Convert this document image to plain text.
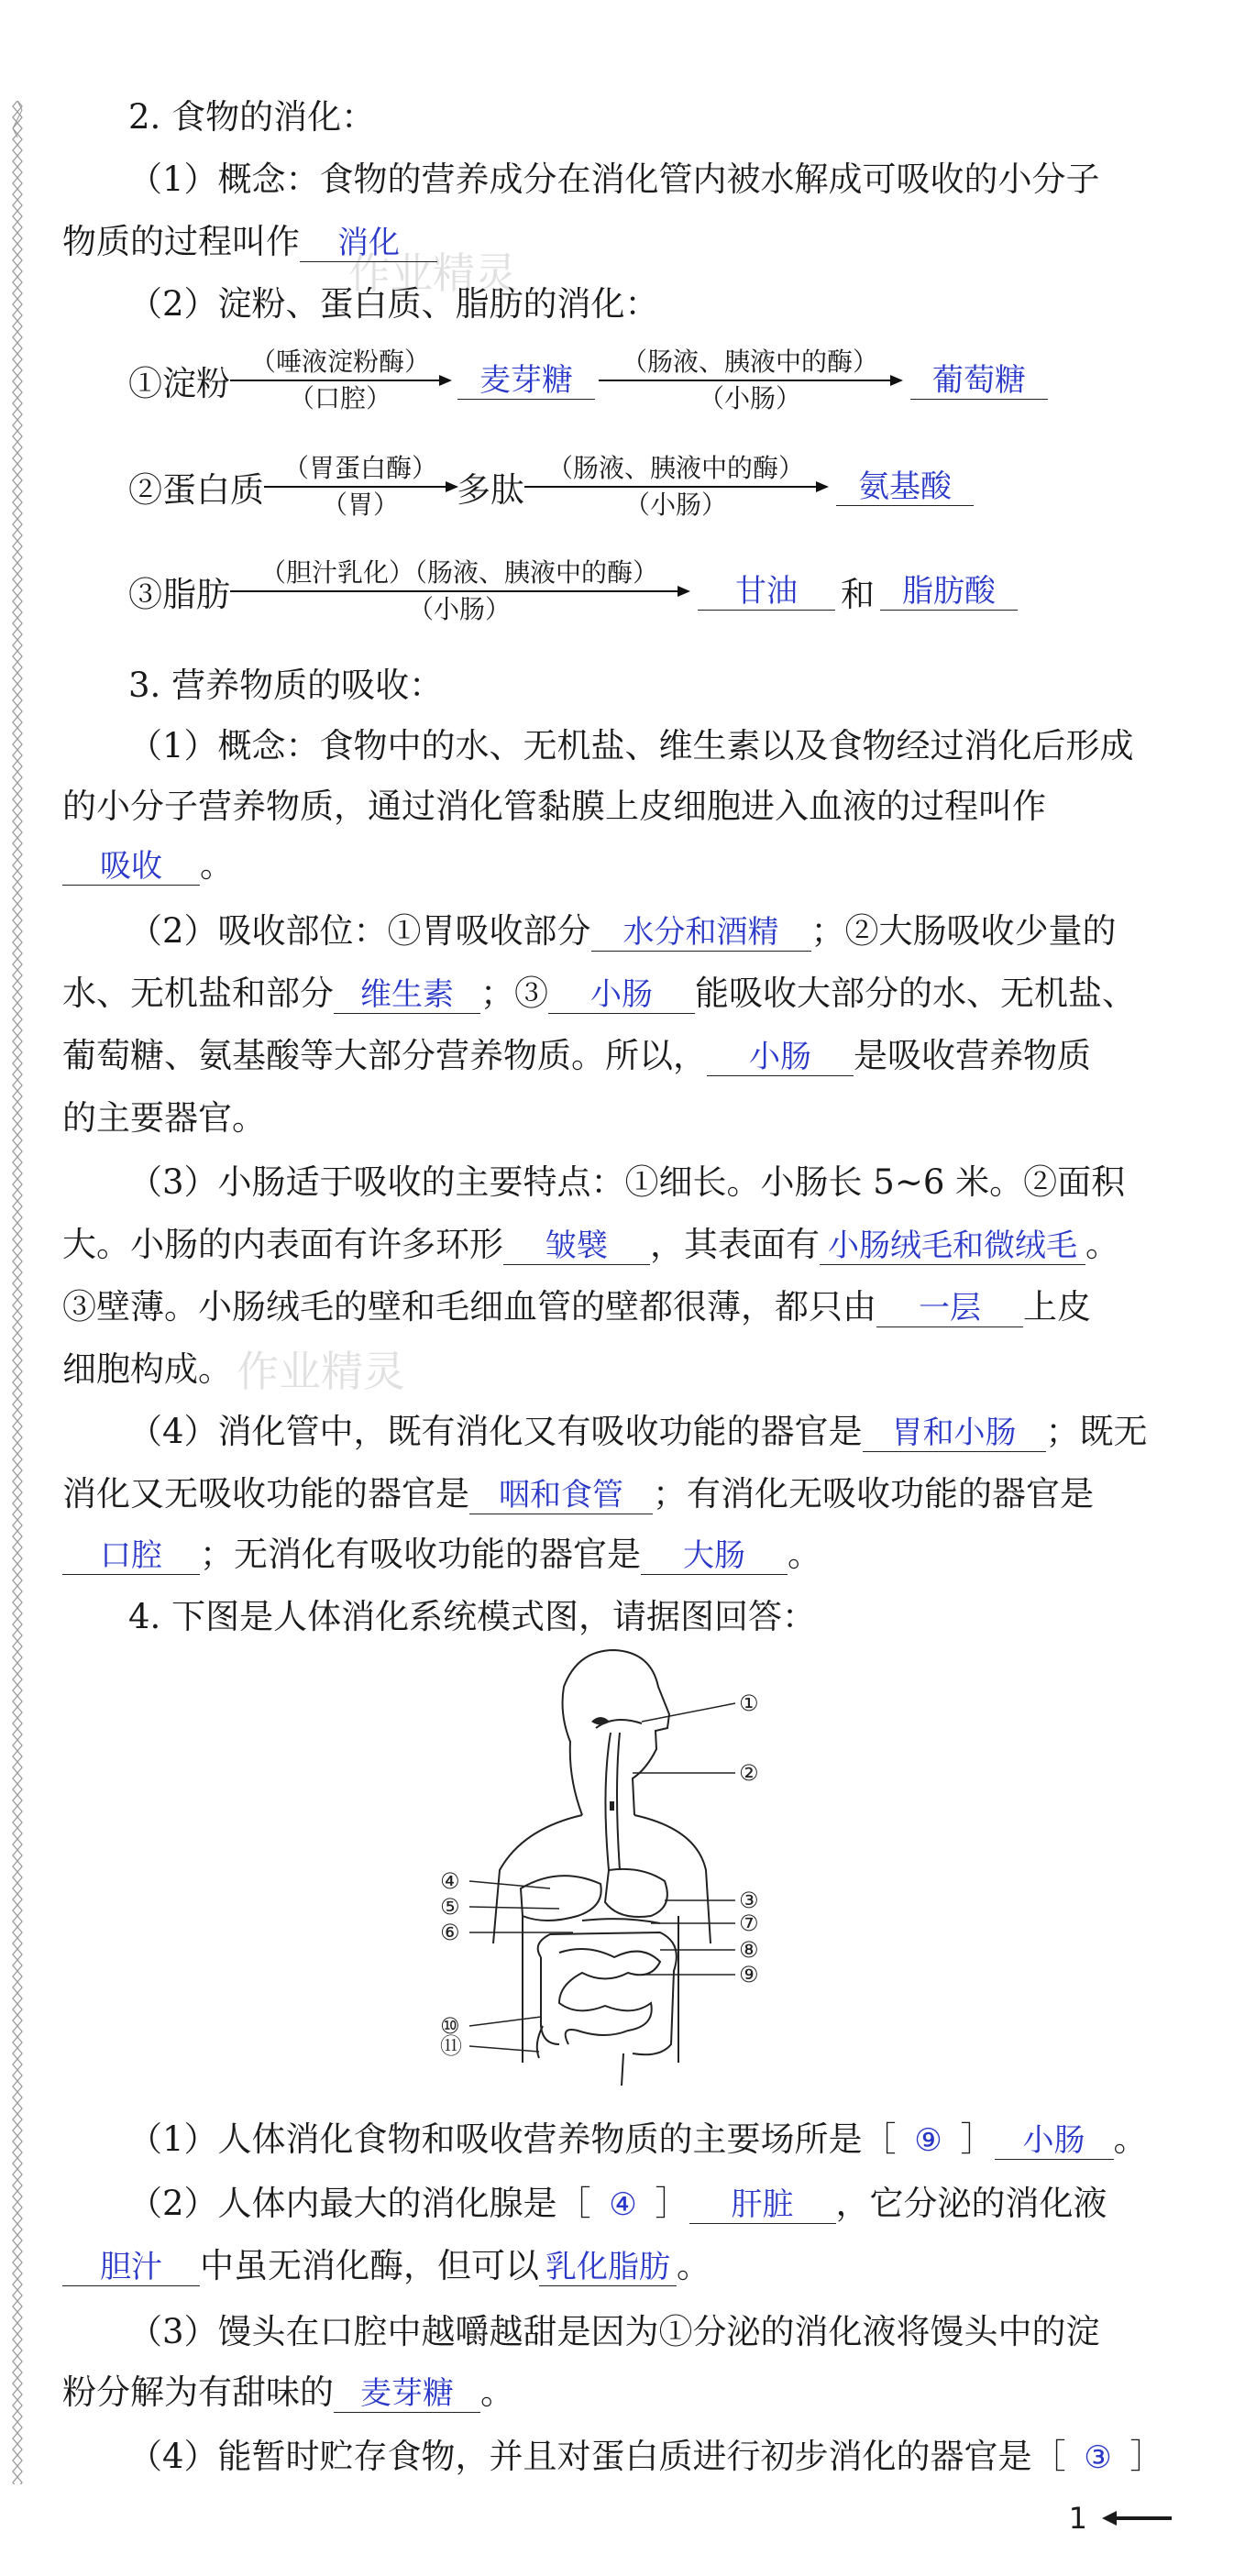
作业精灵
作业精灵
2. 食物的消化：
（1）概念：食物的营养成分在消化管内被水解成可吸收的小分子
物质的过程叫作 消化
（2）淀粉、蛋白质、脂肪的消化：
①淀粉
（唾液淀粉酶）
（口腔）	麦芽糖
（肠液、胰液中的酶）
（小肠）	葡萄糖
②蛋白质
（胃蛋白酶）
（胃）	多肽
（肠液、胰液中的酶）
（小肠）	氨基酸
③脂肪
（胆汁乳化）（肠液、胰液中的酶）
（小肠）	甘油	和 脂肪酸
3. 营养物质的吸收：
（1）概念：食物中的水、无机盐、维生素以及食物经过消化后形成
的小分子营养物质，通过消化管黏膜上皮细胞进入血液的过程叫作
吸收 。
（2）吸收部位：①胃吸收部分 水分和酒精 ；②大肠吸收少量的
水、无机盐和部分 维生素 ；③ 小肠 能吸收大部分的水、无机盐、
葡萄糖、氨基酸等大部分营养物质。所以， 小肠 是吸收营养物质
的主要器官。
（3）小肠适于吸收的主要特点：①细长。小肠长 5~6 米。②面积
大。小肠的内表面有许多环形 皱襞 ，其表面有 小肠绒毛和微绒毛 。
③壁薄。小肠绒毛的壁和毛细血管的壁都很薄，都只由 一层 上皮
细胞构成。
（4）消化管中，既有消化又有吸收功能的器官是 胃和小肠 ；既无
消化又无吸收功能的器官是 咽和食管 ；有消化无吸收功能的器官是
口腔 ；无消化有吸收功能的器官是 大肠 。
4. 下图是人体消化系统模式图，请据图回答：
①
②
③
④
⑤
⑥	⑦
⑧
⑨
⑩
⑪
（1）人体消化食物和吸收营养物质的主要场所是［ ⑨ ］ 小肠 。
（2）人体内最大的消化腺是［ ④ ］ 肝脏 ，它分泌的消化液
胆汁 中虽无消化酶，但可以 乳化脂肪 。
（3）馒头在口腔中越嚼越甜是因为①分泌的消化液将馒头中的淀
粉分解为有甜味的 麦芽糖 。
（4）能暂时贮存食物，并且对蛋白质进行初步消化的器官是［ ③ ］
1
